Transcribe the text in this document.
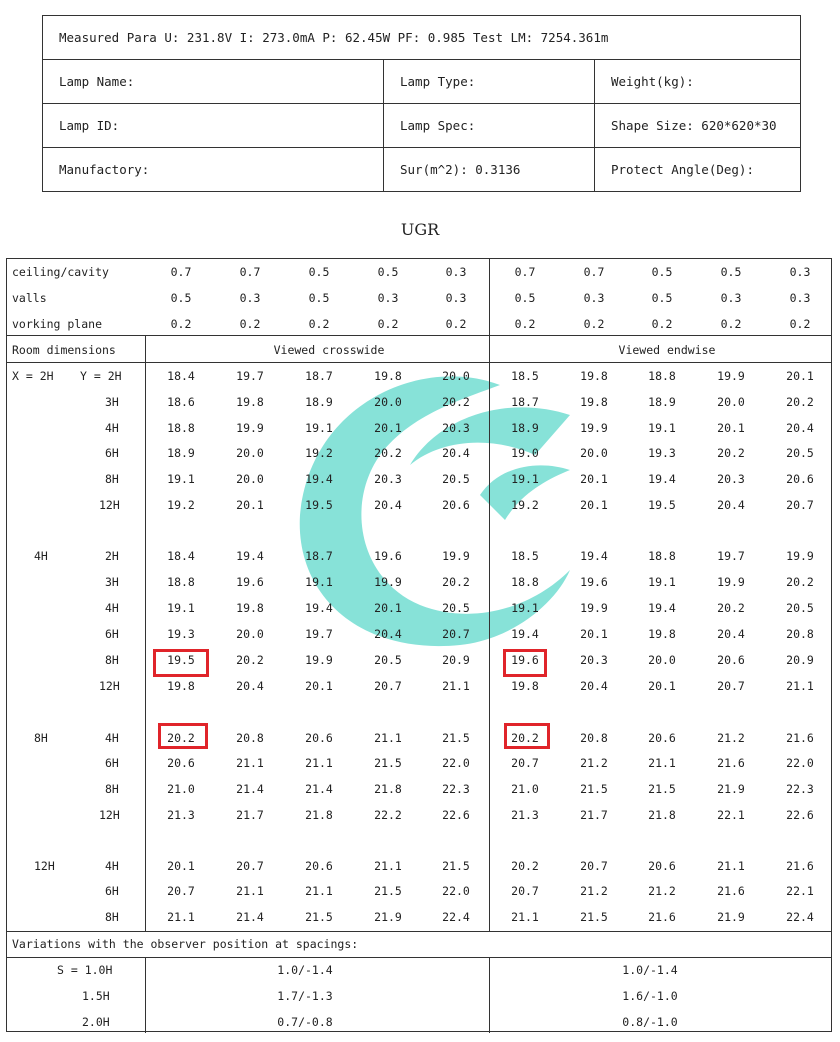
Measured Para U: 231.8V I: 273.0mA P: 62.45W PF: 0.985 Test LM: 7254.361m		
Lamp Name:	Lamp Type:	Weight(kg):
Lamp ID:	Lamp Spec:	Shape Size: 620*620*30
Manufactory:	Sur(m^2): 0.3136	Protect Angle(Deg):
UGR
ceiling/cavity	0.7	0.7	0.5	0.5	0.3	0.7	0.7	0.5	0.5	0.3
valls	0.5	0.3	0.5	0.3	0.3	0.5	0.3	0.5	0.3	0.3
vorking plane	0.2	0.2	0.2	0.2	0.2	0.2	0.2	0.2	0.2	0.2
Room dimensions	Viewed crosswide	Viewed endwise
X = 2H Y = 2H	18.4	19.7	18.7	19.8	20.0	18.5	19.8	18.8	19.9	20.1
3H	18.6	19.8	18.9	20.0	20.2	18.7	19.8	18.9	20.0	20.2
4H	18.8	19.9	19.1	20.1	20.3	18.9	19.9	19.1	20.1	20.4
6H	18.9	20.0	19.2	20.2	20.4	19.0	20.0	19.3	20.2	20.5
8H	19.1	20.0	19.4	20.3	20.5	19.1	20.1	19.4	20.3	20.6
12H	19.2	20.1	19.5	20.4	20.6	19.2	20.1	19.5	20.4	20.7
4H	2H	18.4	19.4	18.7	19.6	19.9	18.5	19.4	18.8	19.7	19.9
3H	18.8	19.6	19.1	19.9	20.2	18.8	19.6	19.1	19.9	20.2
4H	19.1	19.8	19.4	20.1	20.5	19.1	19.9	19.4	20.2	20.5
6H	19.3	20.0	19.7	20.4	20.7	19.4	20.1	19.8	20.4	20.8
8H	19.5	20.2	19.9	20.5	20.9	19.6	20.3	20.0	20.6	20.9
12H	19.8	20.4	20.1	20.7	21.1	19.8	20.4	20.1	20.7	21.1
8H	4H	20.2	20.8	20.6	21.1	21.5	20.2	20.8	20.6	21.2	21.6
6H	20.6	21.1	21.1	21.5	22.0	20.7	21.2	21.1	21.6	22.0
8H	21.0	21.4	21.4	21.8	22.3	21.0	21.5	21.5	21.9	22.3
12H	21.3	21.7	21.8	22.2	22.6	21.3	21.7	21.8	22.1	22.6
12H	4H	20.1	20.7	20.6	21.1	21.5	20.2	20.7	20.6	21.1	21.6
6H	20.7	21.1	21.1	21.5	22.0	20.7	21.2	21.2	21.6	22.1
8H	21.1	21.4	21.5	21.9	22.4	21.1	21.5	21.6	21.9	22.4
Variations with the observer position at spacings:
S = 1.0H	1.0/-1.4	1.0/-1.4
1.5H	1.7/-1.3	1.6/-1.0
2.0H	0.7/-0.8	0.8/-1.0
